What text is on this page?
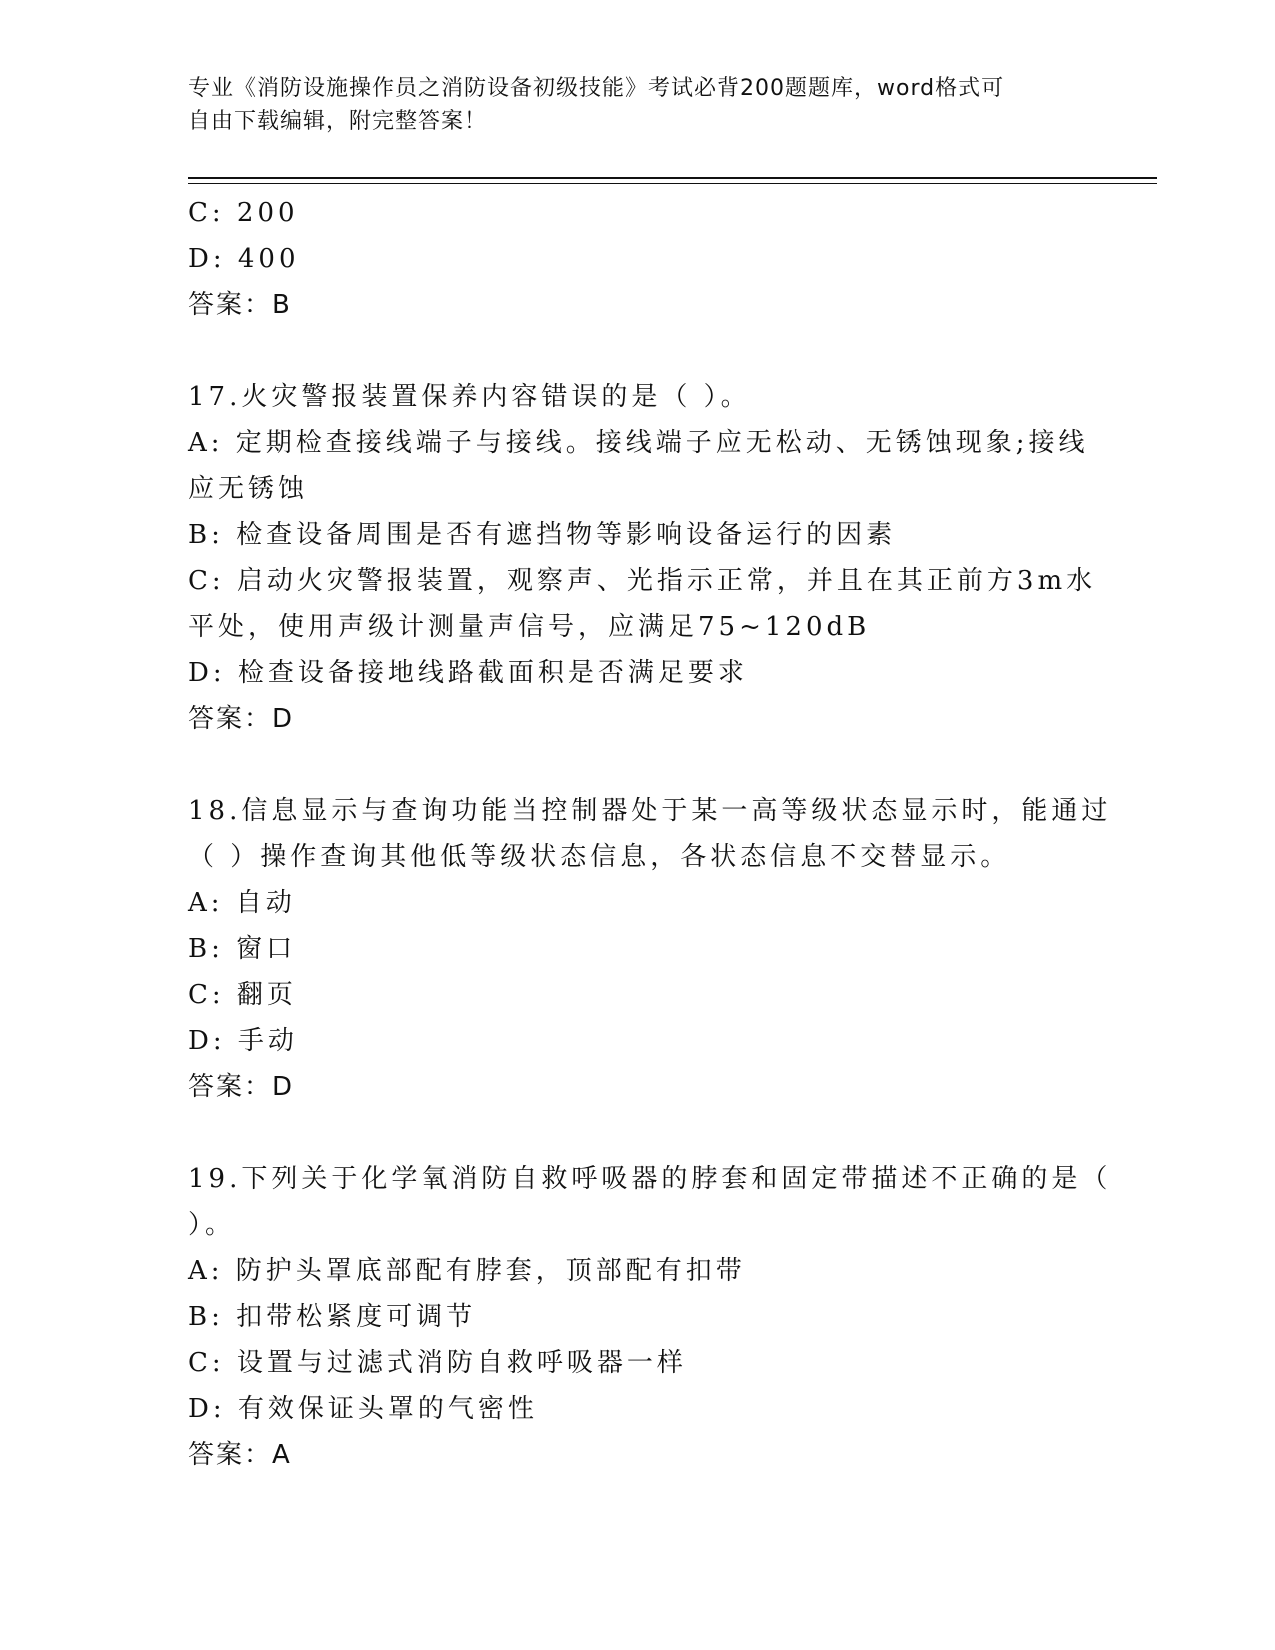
专业《消防设施操作员之消防设备初级技能》考试必背200题题库，word格式可
自由下载编辑，附完整答案！
C: 200
D: 400
答案：B
17.火灾警报装置保养内容错误的是（ ）。
A: 定期检查接线端子与接线。接线端子应无松动、无锈蚀现象;接线
应无锈蚀
B: 检查设备周围是否有遮挡物等影响设备运行的因素
C: 启动火灾警报装置，观察声、光指示正常，并且在其正前方3m水
平处，使用声级计测量声信号，应满足75~120dB
D: 检查设备接地线路截面积是否满足要求
答案：D
18.信息显示与查询功能当控制器处于某一高等级状态显示时，能通过
（ ）操作查询其他低等级状态信息，各状态信息不交替显示。
A: 自动
B: 窗口
C: 翻页
D: 手动
答案：D
19.下列关于化学氧消防自救呼吸器的脖套和固定带描述不正确的是（
）。
A: 防护头罩底部配有脖套，顶部配有扣带
B: 扣带松紧度可调节
C: 设置与过滤式消防自救呼吸器一样
D: 有效保证头罩的气密性
答案：A
